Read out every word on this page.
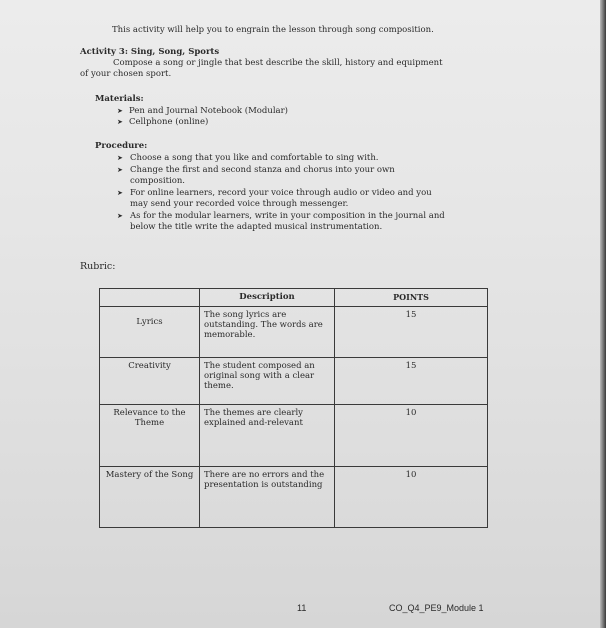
This activity will help you to engrain the lesson through song composition.
Activity 3: Sing, Song, Sports
Compose a song or jingle that best describe the skill, history and equipment
of your chosen sport.
Materials:
➤ Pen and Journal Notebook (Modular)
➤ Cellphone (online)
Procedure:
➤ Choose a song that you like and comfortable to sing with.
➤ Change the first and second stanza and chorus into your own
composition.
➤ For online learners, record your voice through audio or video and you
may send your recorded voice through messenger.
➤ As for the modular learners, write in your composition in the journal and
below the title write the adapted musical instrumentation.
Rubric:
	Description	POINTS
Lyrics	The song lyrics are outstanding. The words are memorable.	15
Creativity	The student composed an original song with a clear theme.	15
Relevance to the Theme	The themes are clearly explained and-relevant	10
Mastery of the Song	There are no errors and the presentation is outstanding	10
11	CO_Q4_PE9_Module 1
